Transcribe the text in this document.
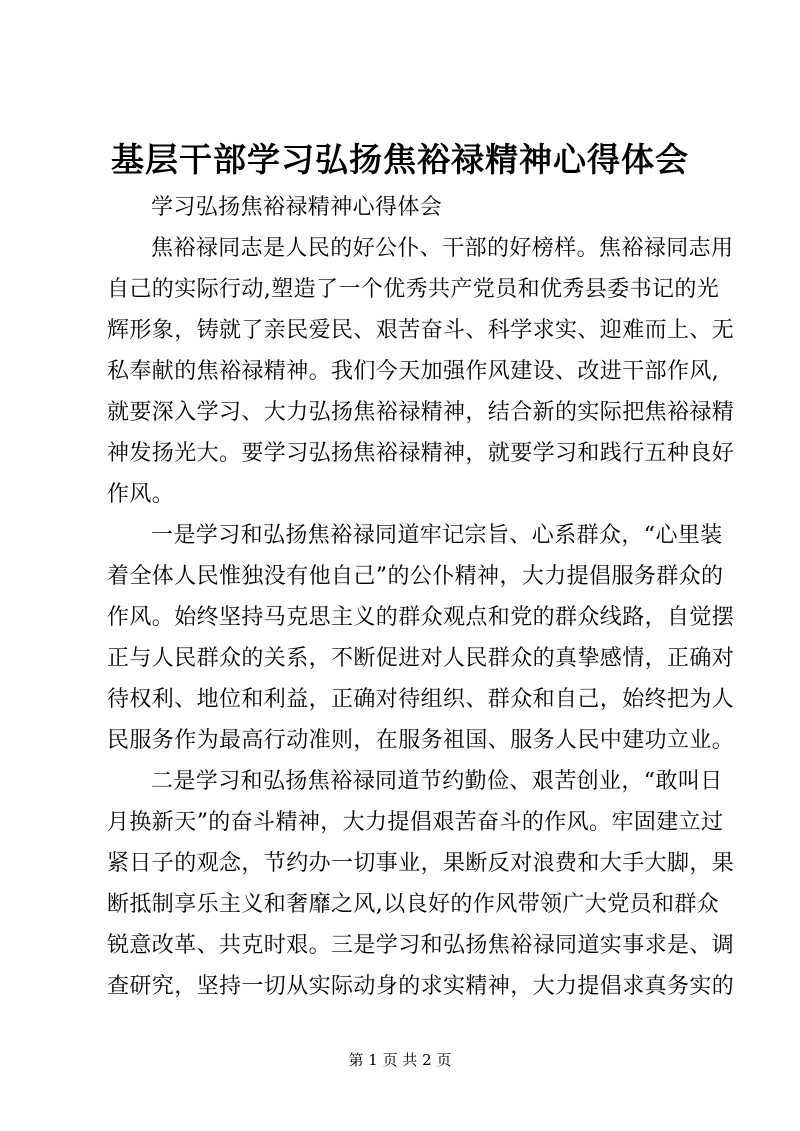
基层干部学习弘扬焦裕禄精神心得体会
学习弘扬焦裕禄精神心得体会
焦裕禄同志是人民的好公仆、干部的好榜样。焦裕禄同志用
自己的实际行动,塑造了一个优秀共产党员和优秀县委书记的光
辉形象，铸就了亲民爱民、艰苦奋斗、科学求实、迎难而上、无
私奉献的焦裕禄精神。我们今天加强作风建设、改进干部作风,
就要深入学习、大力弘扬焦裕禄精神，结合新的实际把焦裕禄精
神发扬光大。要学习弘扬焦裕禄精神，就要学习和践行五种良好
作风。
一是学习和弘扬焦裕禄同道牢记宗旨、心系群众，“心里装
着全体人民惟独没有他自己”的公仆精神，大力提倡服务群众的
作风。始终坚持马克思主义的群众观点和党的群众线路，自觉摆
正与人民群众的关系，不断促进对人民群众的真挚感情，正确对
待权利、地位和利益，正确对待组织、群众和自己，始终把为人
民服务作为最高行动准则，在服务祖国、服务人民中建功立业。
二是学习和弘扬焦裕禄同道节约勤俭、艰苦创业，“敢叫日
月换新天”的奋斗精神，大力提倡艰苦奋斗的作风。牢固建立过
紧日子的观念，节约办一切事业，果断反对浪费和大手大脚，果
断抵制享乐主义和奢靡之风,以良好的作风带领广大党员和群众
锐意改革、共克时艰。三是学习和弘扬焦裕禄同道实事求是、调
查研究，坚持一切从实际动身的求实精神，大力提倡求真务实的
第 1 页 共 2 页
